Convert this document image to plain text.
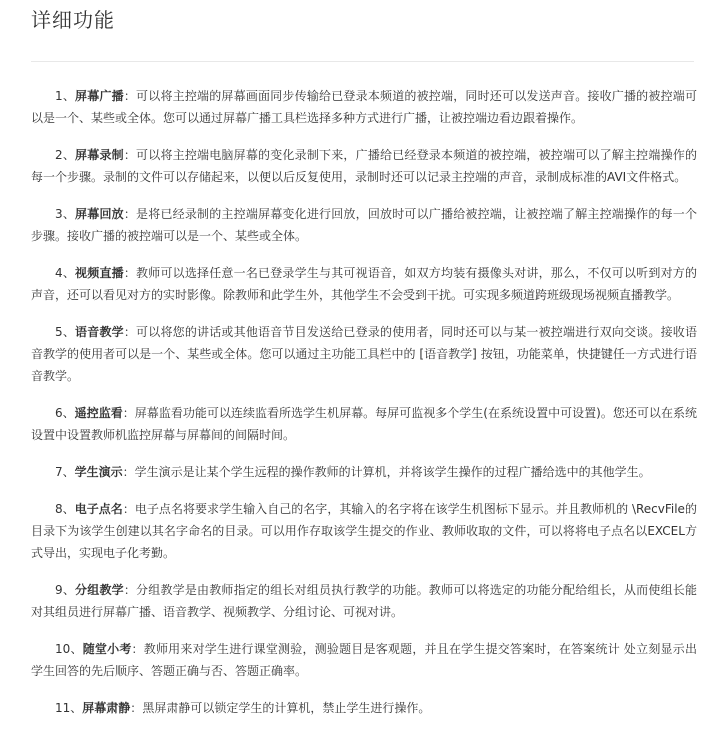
详细功能

1、屏幕广播：可以将主控端的屏幕画面同步传输给已登录本频道的被控端，同时还可以发送声音。接收广播的被控端可以是一个、某些或全体。您可以通过屏幕广播工具栏选择多种方式进行广播，让被控端边看边跟着操作。

2、屏幕录制：可以将主控端电脑屏幕的变化录制下来，广播给已经登录本频道的被控端，被控端可以了解主控端操作的每一个步骤。录制的文件可以存储起来，以便以后反复使用，录制时还可以记录主控端的声音，录制成标准的AVI文件格式。

3、屏幕回放：是将已经录制的主控端屏幕变化进行回放，回放时可以广播给被控端，让被控端了解主控端操作的每一个步骤。接收广播的被控端可以是一个、某些或全体。

4、视频直播：教师可以选择任意一名已登录学生与其可视语音，如双方均装有摄像头对讲，那么，不仅可以听到对方的声音，还可以看见对方的实时影像。除教师和此学生外，其他学生不会受到干扰。可实现多频道跨班级现场视频直播教学。

5、语音教学：可以将您的讲话或其他语音节目发送给已登录的使用者，同时还可以与某一被控端进行双向交谈。接收语音教学的使用者可以是一个、某些或全体。您可以通过主功能工具栏中的 [语音教学] 按钮，功能菜单，快捷键任一方式进行语音教学。

6、遥控监看：屏幕监看功能可以连续监看所选学生机屏幕。每屏可监视多个学生(在系统设置中可设置)。您还可以在系统设置中设置教师机监控屏幕与屏幕间的间隔时间。

7、学生演示：学生演示是让某个学生远程的操作教师的计算机，并将该学生操作的过程广播给选中的其他学生。

8、电子点名：电子点名将要求学生输入自己的名字，其输入的名字将在该学生机图标下显示。并且教师机的 \RecvFile的目录下为该学生创建以其名字命名的目录。可以用作存取该学生提交的作业、教师收取的文件，可以将将电子点名以EXCEL方式导出，实现电子化考勤。

9、分组教学：分组教学是由教师指定的组长对组员执行教学的功能。教师可以将选定的功能分配给组长，从而使组长能对其组员进行屏幕广播、语音教学、视频教学、分组讨论、可视对讲。

10、随堂小考：教师用来对学生进行课堂测验，测验题目是客观题，并且在学生提交答案时，在答案统计 处立刻显示出学生回答的先后顺序、答题正确与否、答题正确率。

11、屏幕肃静：黑屏肃静可以锁定学生的计算机，禁止学生进行操作。
